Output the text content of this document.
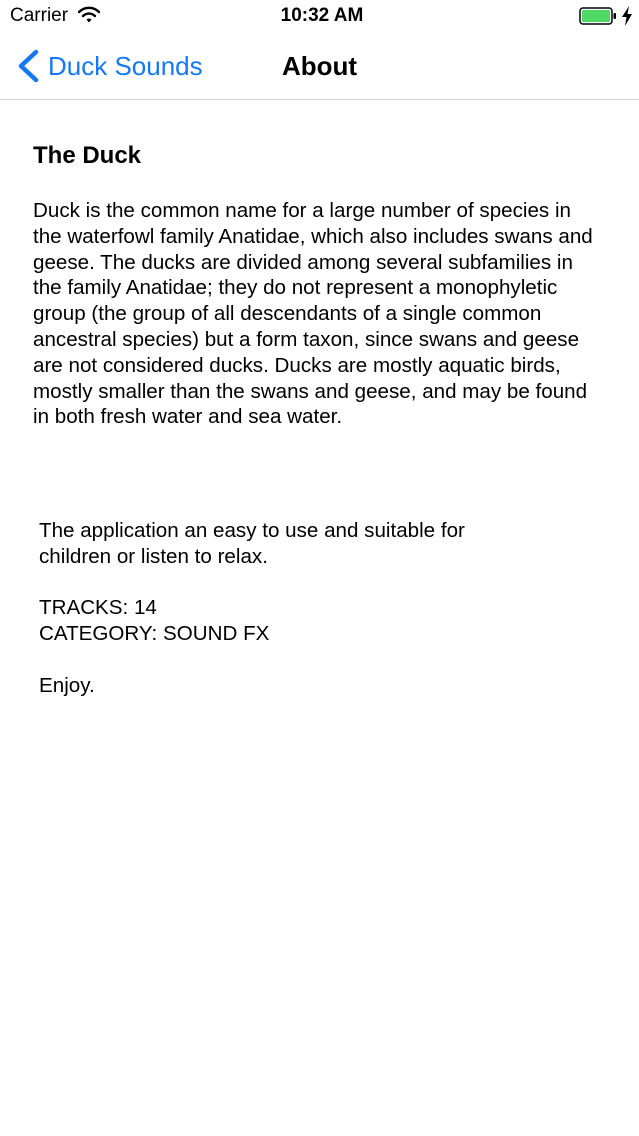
Carrier	10:32 AM
Duck Sounds	About
The Duck

Duck is the common name for a large number of species in the waterfowl family Anatidae, which also includes swans and geese. The ducks are divided among several subfamilies in the family Anatidae; they do not represent a monophyletic group (the group of all descendants of a single common ancestral species) but a form taxon, since swans and geese are not considered ducks. Ducks are mostly aquatic birds, mostly smaller than the swans and geese, and may be found in both fresh water and sea water.

The application an easy to use and suitable for
children or listen to relax.

TRACKS: 14
CATEGORY: SOUND FX

Enjoy.
